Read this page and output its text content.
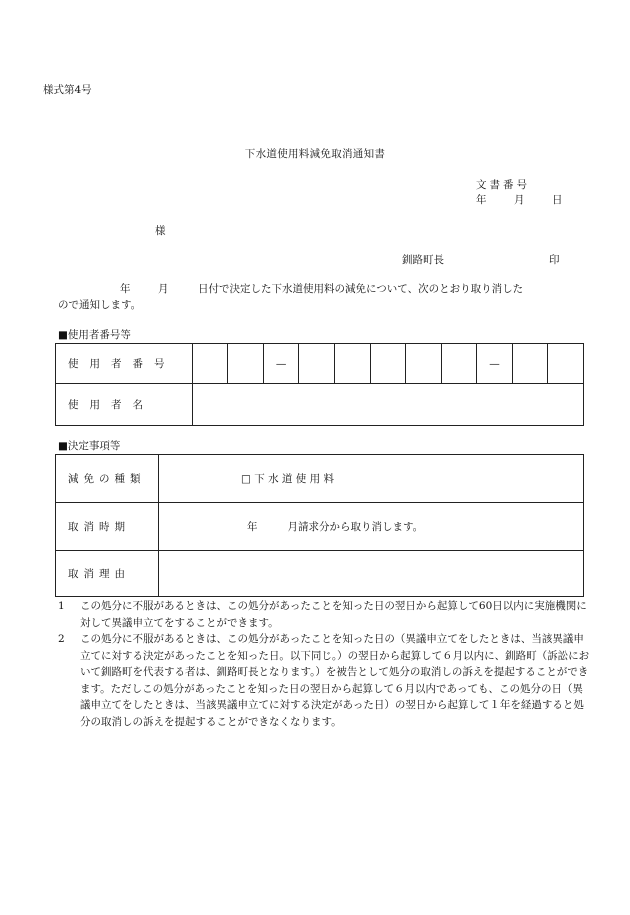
様式第4号
下水道使用料減免取消通知書
文書番号
年	月	日
様
釧路町長	印
年	月	日付で決定した下水道使用料の減免について、次のとおり取り消した
ので通知します。
■使用者番号等
使用者番号			—						—		
使用者名											
■決定事項等
減免の種類	□ 下 水 道 使 用 料
取消時期	年 月請求分から取り消します。
取消理由	
1 この処分に不服があるときは、この処分があったことを知った日の翌日から起算して60日以内に実施機関に対して異議申立てをすることができます。
2 この処分に不服があるときは、この処分があったことを知った日の（異議申立てをしたときは、当該異議申立てに対する決定があったことを知った日。以下同じ。）の翌日から起算して６月以内に、釧路町（訴訟において釧路町を代表する者は、釧路町長となります。）を被告として処分の取消しの訴えを提起することができます。ただしこの処分があったことを知った日の翌日から起算して６月以内であっても、この処分の日（異議申立てをしたときは、当該異議申立てに対する決定があった日）の翌日から起算して１年を経過すると処分の取消しの訴えを提起することができなくなります。
